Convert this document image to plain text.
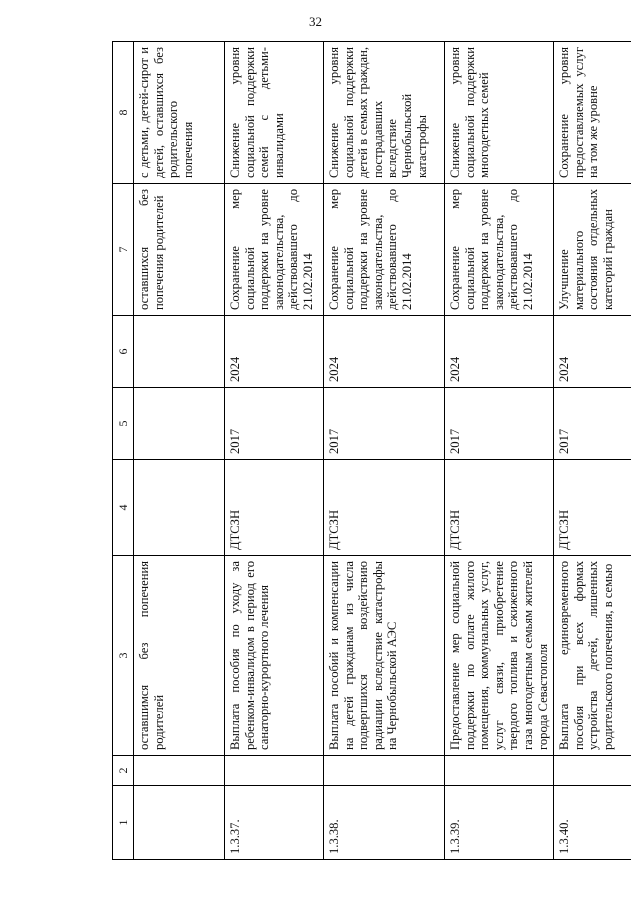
32
1	2	3	4	5	6	7	8
		оставшимся без попечения родителей				оставшихся без попечения родителей	с детьми, детей-сирот и детей, оставшихся без родительского попечения
1.3.37.		Выплата пособия по уходу за ребенком-инвалидом в период его санаторно-курортного лечения	ДТСЗН	2017	2024	Сохранение мер социальной поддержки на уровне законодательства, действовавшего до 21.02.2014	Снижение уровня социальной поддержки семей с детьми-инвалидами
1.3.38.		Выплата пособий и компенсации на детей гражданам из числа подвергшихся воздействию радиации вследствие катастрофы на Чернобыльской АЭС	ДТСЗН	2017	2024	Сохранение мер социальной поддержки на уровне законодательства, действовавшего до 21.02.2014	Снижение уровня социальной поддержки детей в семьях граждан, пострадавших вследствие Чернобыльской катастрофы
1.3.39.		Предоставление мер социальной поддержки по оплате жилого помещения, коммунальных услуг, услуг связи, приобретение твердого топлива и сжиженного газа многодетным семьям жителей города Севастополя	ДТСЗН	2017	2024	Сохранение мер социальной поддержки на уровне законодательства, действовавшего до 21.02.2014	Снижение уровня социальной поддержки многодетных семей
1.3.40.		Выплата единовременного пособия при всех формах устройства детей, лишенных родительского попечения, в семью	ДТСЗН	2017	2024	Улучшение материального состояния отдельных категорий граждан	Сохранение уровня предоставляемых услуг на том же уровне
